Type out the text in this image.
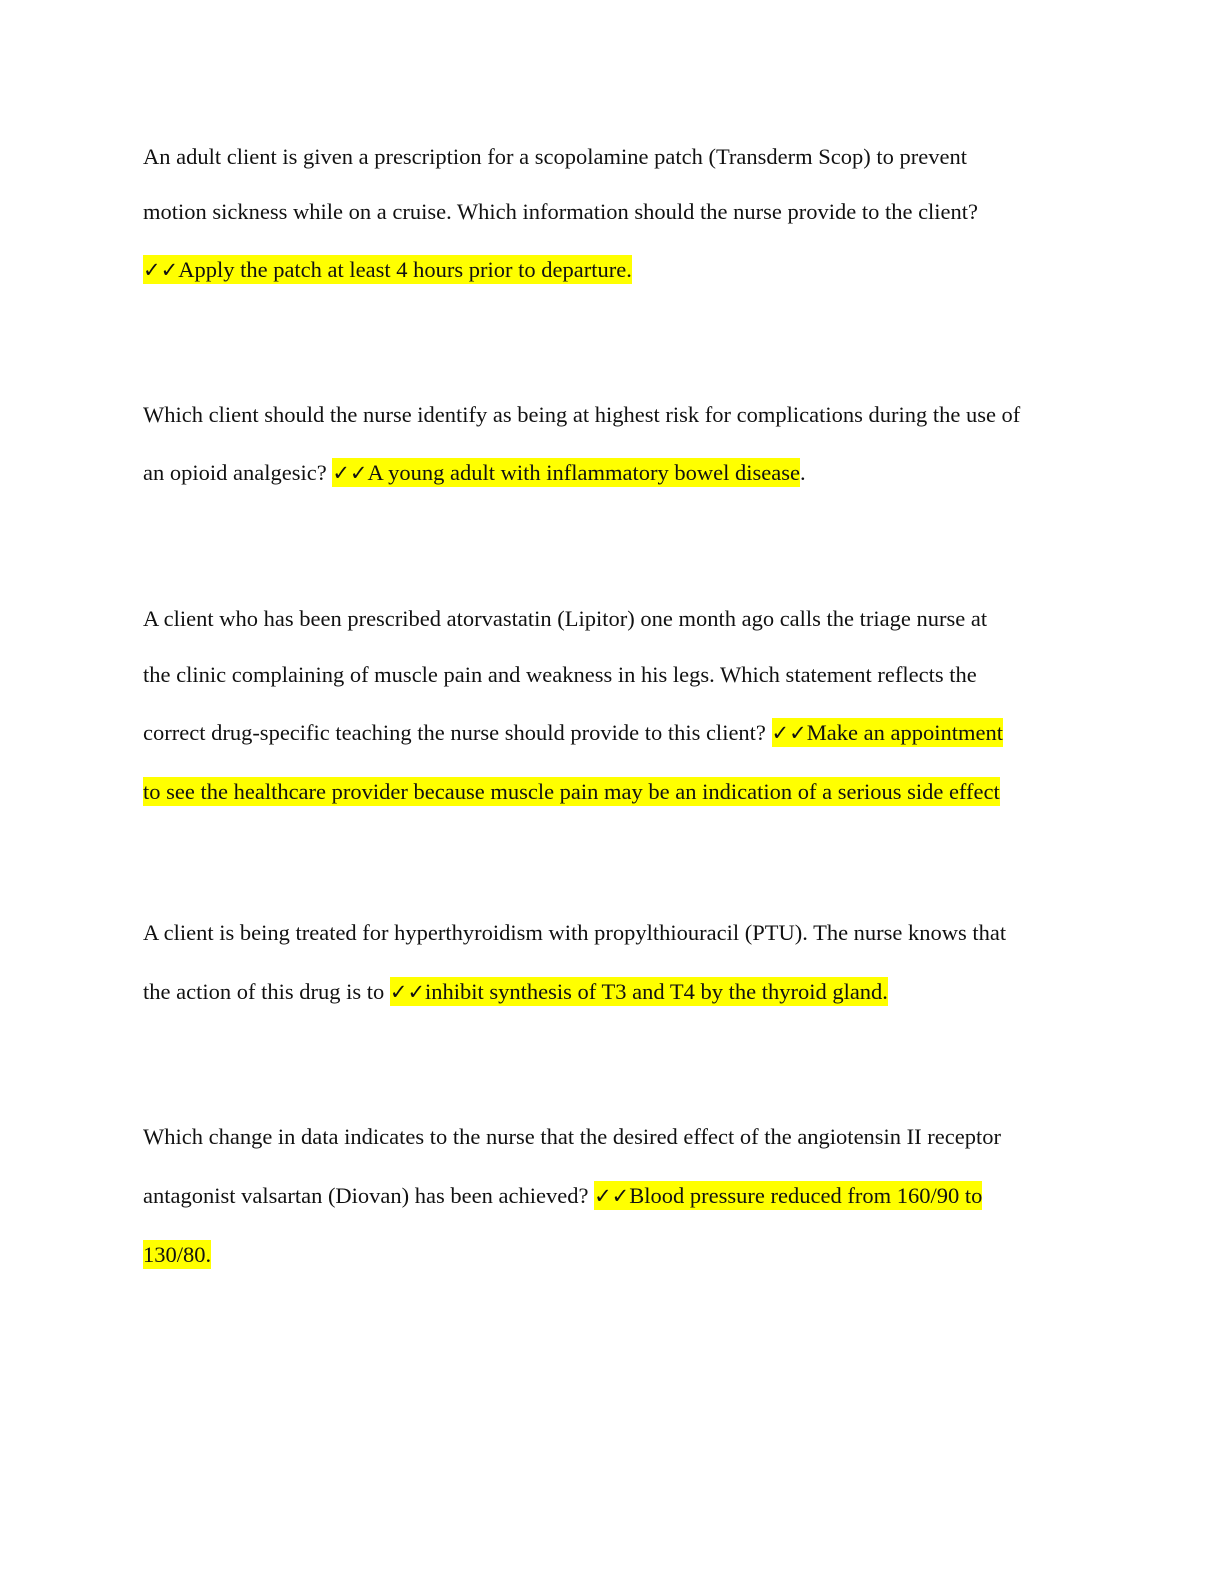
An adult client is given a prescription for a scopolamine patch (Transderm Scop) to prevent
motion sickness while on a cruise. Which information should the nurse provide to the client?
✓✓Apply the patch at least 4 hours prior to departure.
Which client should the nurse identify as being at highest risk for complications during the use of
an opioid analgesic? ✓✓A young adult with inflammatory bowel disease.
A client who has been prescribed atorvastatin (Lipitor) one month ago calls the triage nurse at
the clinic complaining of muscle pain and weakness in his legs. Which statement reflects the
correct drug-specific teaching the nurse should provide to this client? ✓✓Make an appointment
to see the healthcare provider because muscle pain may be an indication of a serious side effect
A client is being treated for hyperthyroidism with propylthiouracil (PTU). The nurse knows that
the action of this drug is to ✓✓inhibit synthesis of T3 and T4 by the thyroid gland.
Which change in data indicates to the nurse that the desired effect of the angiotensin II receptor
antagonist valsartan (Diovan) has been achieved? ✓✓Blood pressure reduced from 160/90 to
130/80.
